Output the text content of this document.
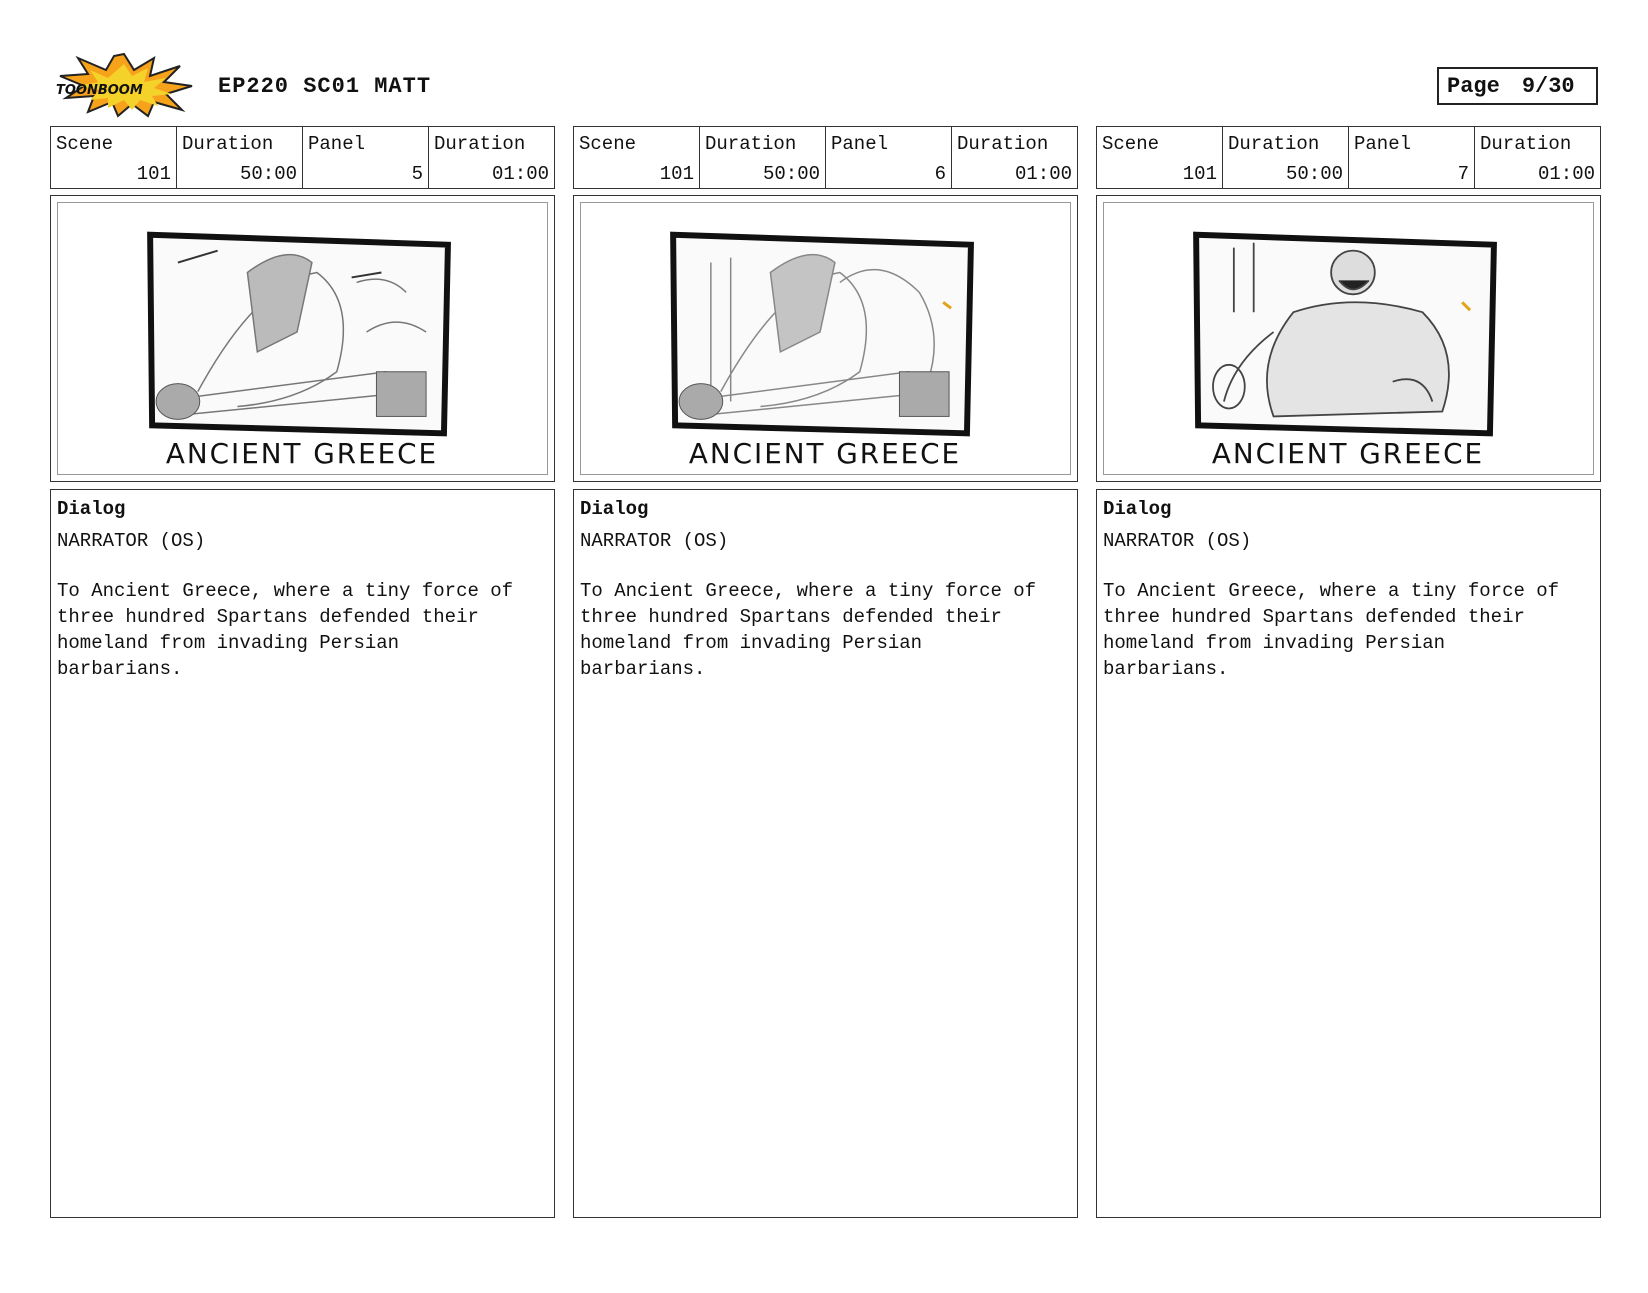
TOONBOOM	EP220 SC01 MATT	Page 9/30
Scene
101
Duration
50:00
Panel
5
Duration
01:00
ANCIENT GREECE
Dialog
NARRATOR (OS)
To Ancient Greece, where a tiny force of three hundred Spartans defended their homeland from invading Persian barbarians.
Scene
101
Duration
50:00
Panel
6
Duration
01:00
ANCIENT GREECE
Dialog
NARRATOR (OS)
To Ancient Greece, where a tiny force of three hundred Spartans defended their homeland from invading Persian barbarians.
Scene
101
Duration
50:00
Panel
7
Duration
01:00
ANCIENT GREECE
Dialog
NARRATOR (OS)
To Ancient Greece, where a tiny force of three hundred Spartans defended their homeland from invading Persian barbarians.
